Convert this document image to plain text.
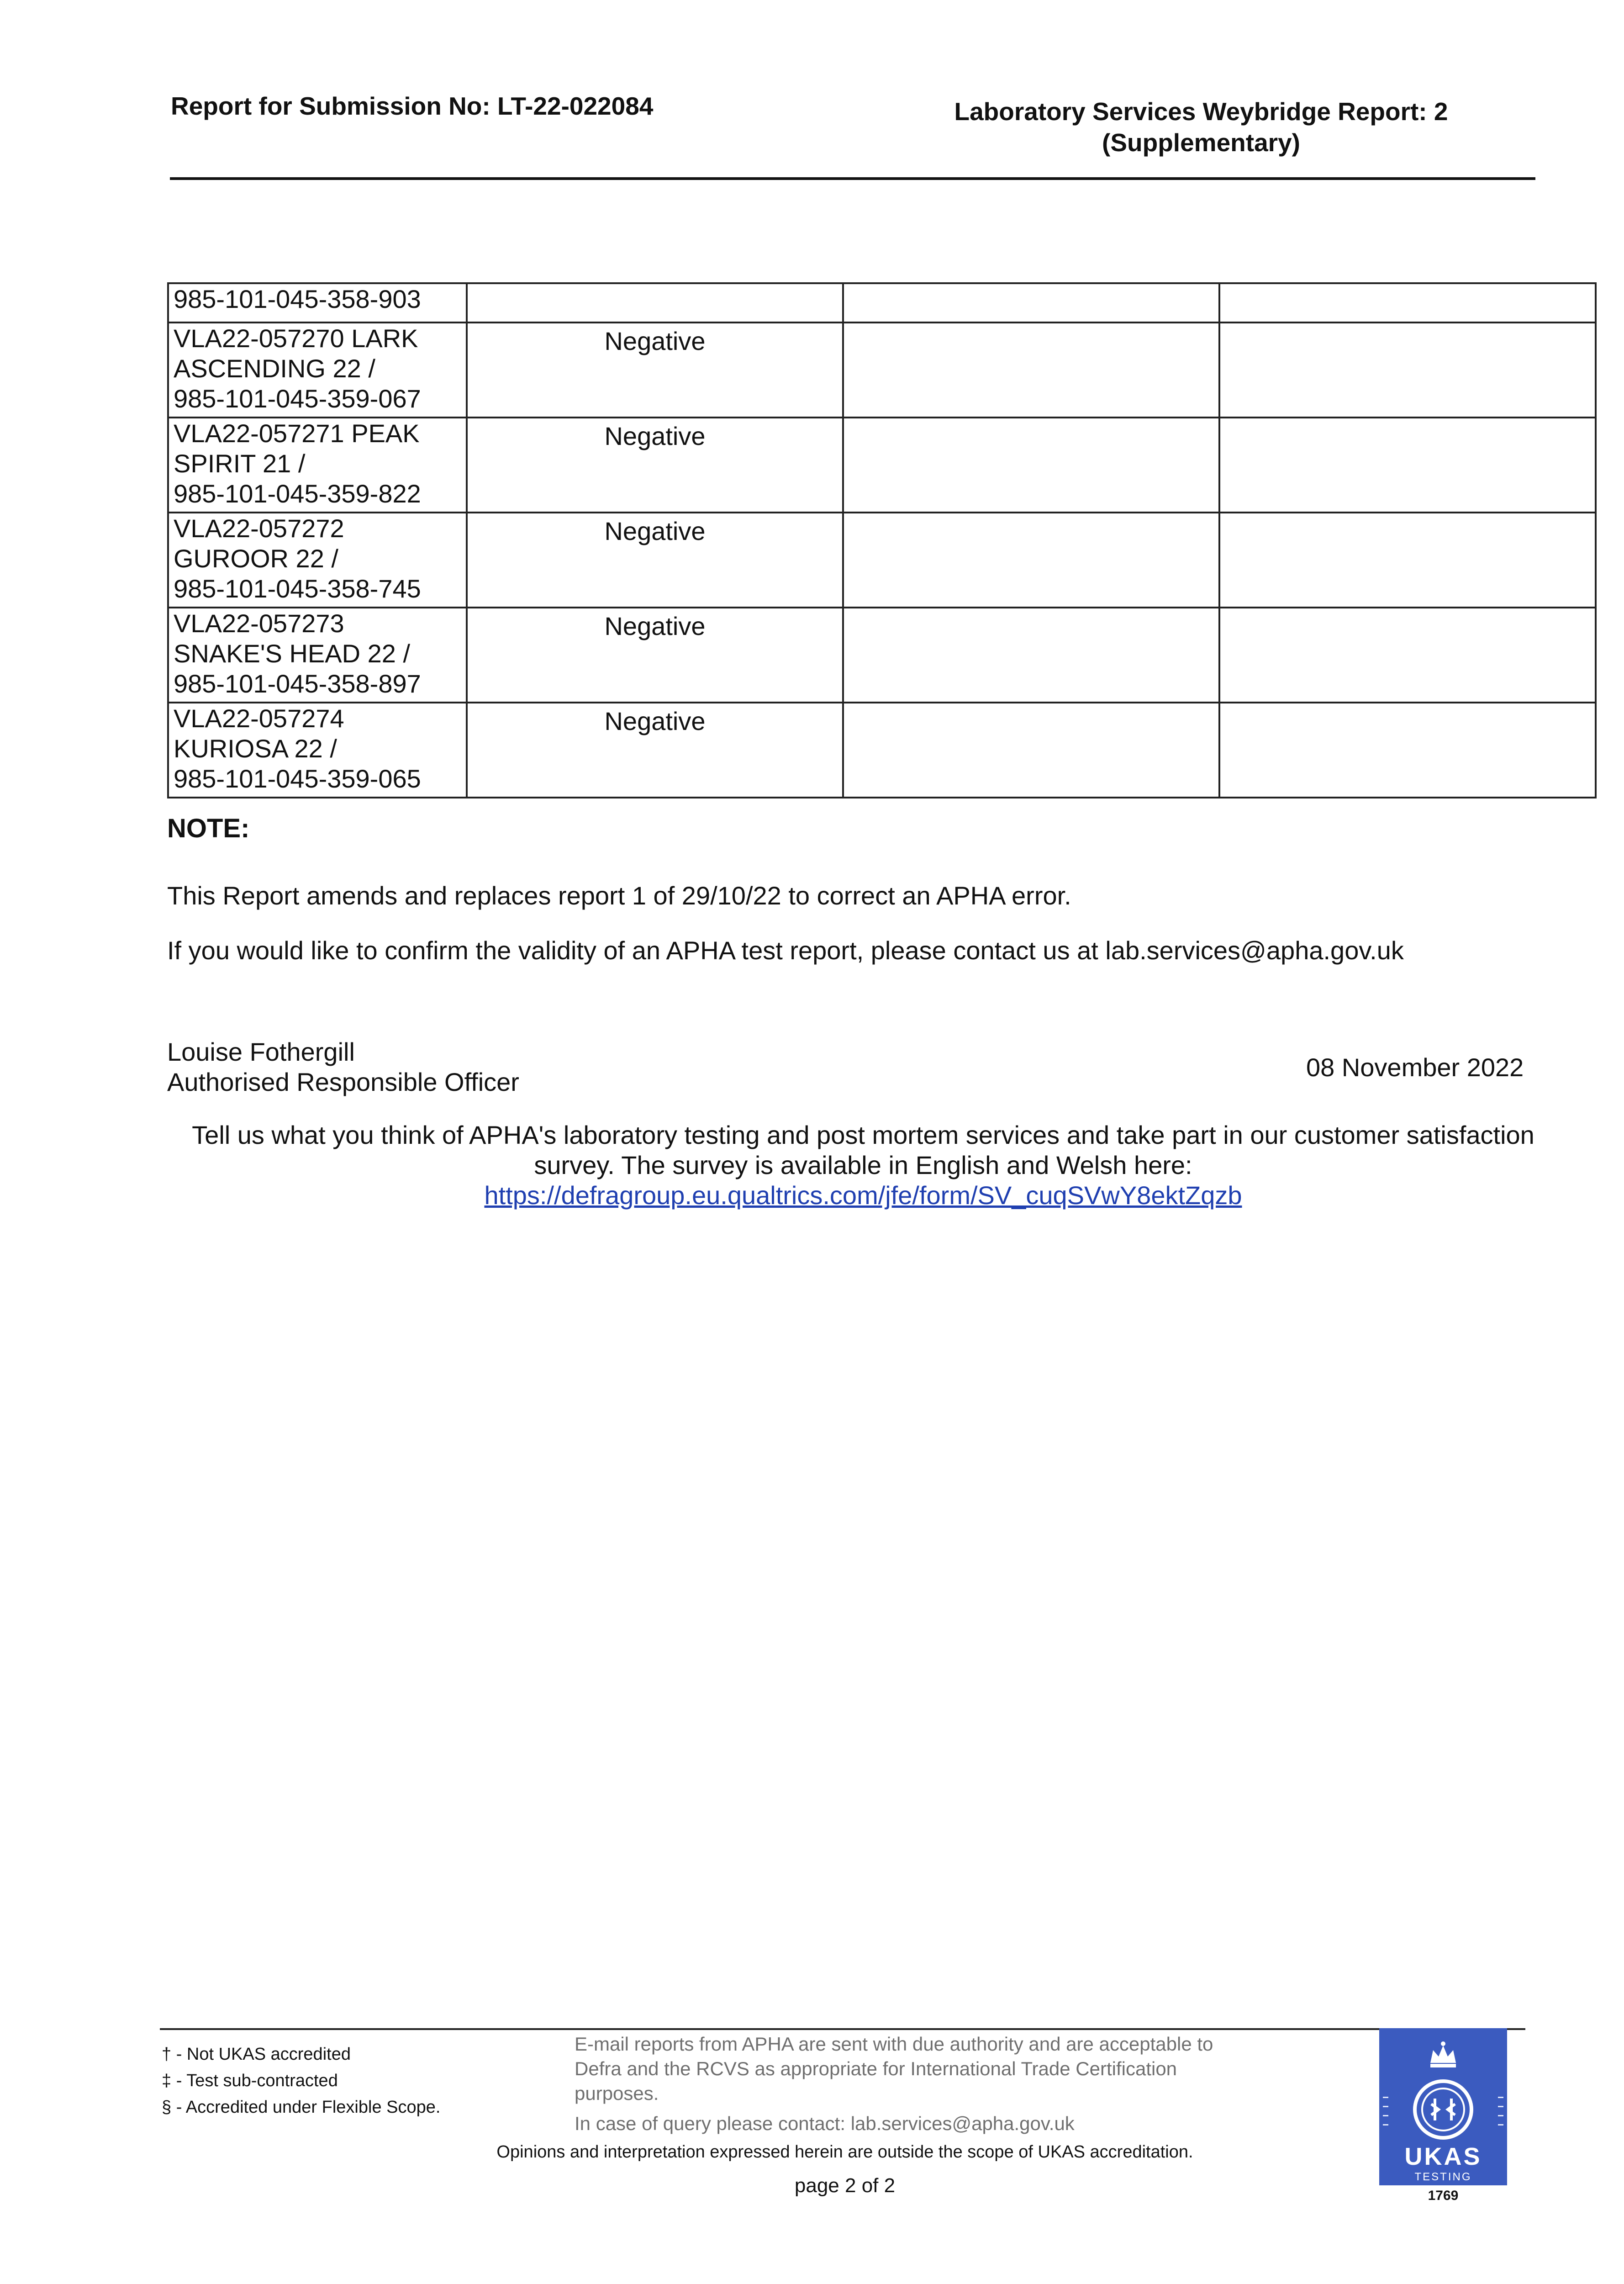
Report for Submission No: LT-22-022084	Laboratory Services Weybridge Report: 2
(Supplementary)
985-101-045-358-903			

VLA22-057270 LARK
ASCENDING 22 /
985-101-045-359-067	Negative		

VLA22-057271 PEAK
SPIRIT 21 /
985-101-045-359-822	Negative		

VLA22-057272
GUROOR 22 /
985-101-045-358-745	Negative		

VLA22-057273
SNAKE'S HEAD 22 /
985-101-045-358-897	Negative		

VLA22-057274
KURIOSA 22 /
985-101-045-359-065	Negative		
NOTE:
This Report amends and replaces report 1 of 29/10/22 to correct an APHA error.
If you would like to confirm the validity of an APHA test report, please contact us at lab.services@apha.gov.uk
Louise Fothergill
Authorised Responsible Officer
08 November 2022
Tell us what you think of APHA's laboratory testing and post mortem services and take part in our customer satisfaction
survey. The survey is available in English and Welsh here:
https://defragroup.eu.qualtrics.com/jfe/form/SV_cuqSVwY8ektZqzb
† - Not UKAS accredited
‡ - Test sub-contracted
§ - Accredited under Flexible Scope.
E-mail reports from APHA are sent with due authority and are acceptable to
Defra and the RCVS as appropriate for International Trade Certification
purposes.
In case of query please contact: lab.services@apha.gov.uk
Opinions and interpretation expressed herein are outside the scope of UKAS accreditation.
page 2 of 2
UKAS
TESTING
1769
